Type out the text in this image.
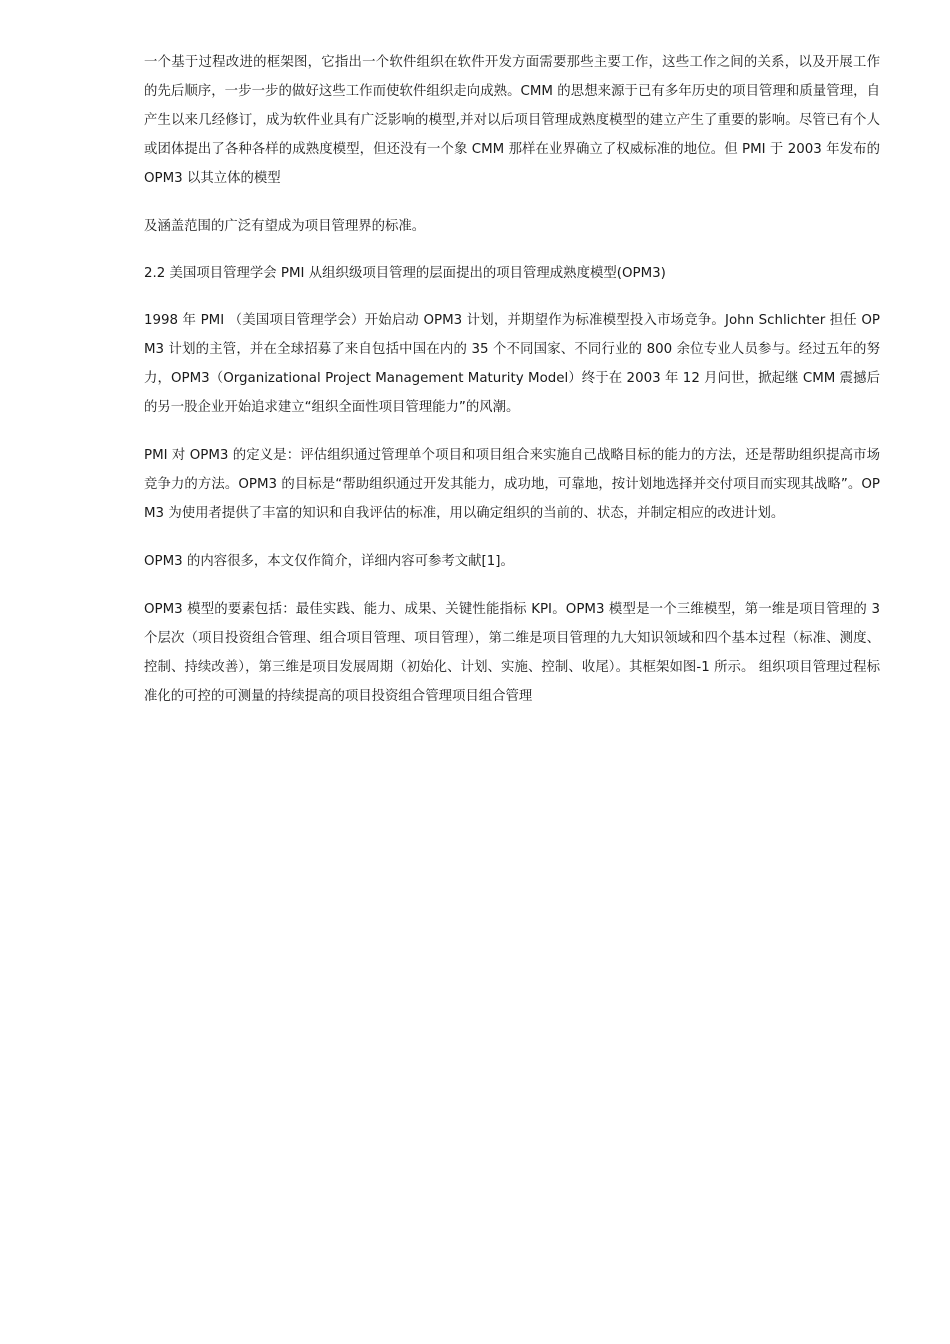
一个基于过程改进的框架图，它指出一个软件组织在软件开发方面需要那些主要工作，这些工作之间的关系，以及开展工作的先后顺序，一步一步的做好这些工作而使软件组织走向成熟。CMM 的思想来源于已有多年历史的项目管理和质量管理，自产生以来几经修订，成为软件业具有广泛影响的模型,并对以后项目管理成熟度模型的建立产生了重要的影响。尽管已有个人或团体提出了各种各样的成熟度模型，但还没有一个象 CMM 那样在业界确立了权威标准的地位。但 PMI 于 2003 年发布的 OPM3 以其立体的模型

及涵盖范围的广泛有望成为项目管理界的标准。

2.2 美国项目管理学会 PMI 从组织级项目管理的层面提出的项目管理成熟度模型(OPM3)

1998 年 PMI （美国项目管理学会）开始启动 OPM3 计划，并期望作为标准模型投入市场竞争。John Schlichter 担任 OPM3 计划的主管，并在全球招募了来自包括中国在内的 35 个不同国家、不同行业的 800 余位专业人员参与。经过五年的努力，OPM3（Organizational Project Management Maturity Model）终于在 2003 年 12 月问世，掀起继 CMM 震撼后的另一股企业开始追求建立“组织全面性项目管理能力”的风潮。

PMI 对 OPM3 的定义是：评估组织通过管理单个项目和项目组合来实施自己战略目标的能力的方法，还是帮助组织提高市场竞争力的方法。OPM3 的目标是“帮助组织通过开发其能力，成功地，可靠地，按计划地选择并交付项目而实现其战略”。OPM3 为使用者提供了丰富的知识和自我评估的标准，用以确定组织的当前的、状态，并制定相应的改进计划。

OPM3 的内容很多，本文仅作简介，详细内容可参考文献[1]。

OPM3 模型的要素包括：最佳实践、能力、成果、关键性能指标 KPI。OPM3 模型是一个三维模型，第一维是项目管理的 3 个层次（项目投资组合管理、组合项目管理、项目管理），第二维是项目管理的九大知识领域和四个基本过程（标准、测度、控制、持续改善），第三维是项目发展周期（初始化、计划、实施、控制、收尾）。其框架如图-1 所示。 组织项目管理过程标准化的可控的可测量的持续提高的项目投资组合管理项目组合管理
